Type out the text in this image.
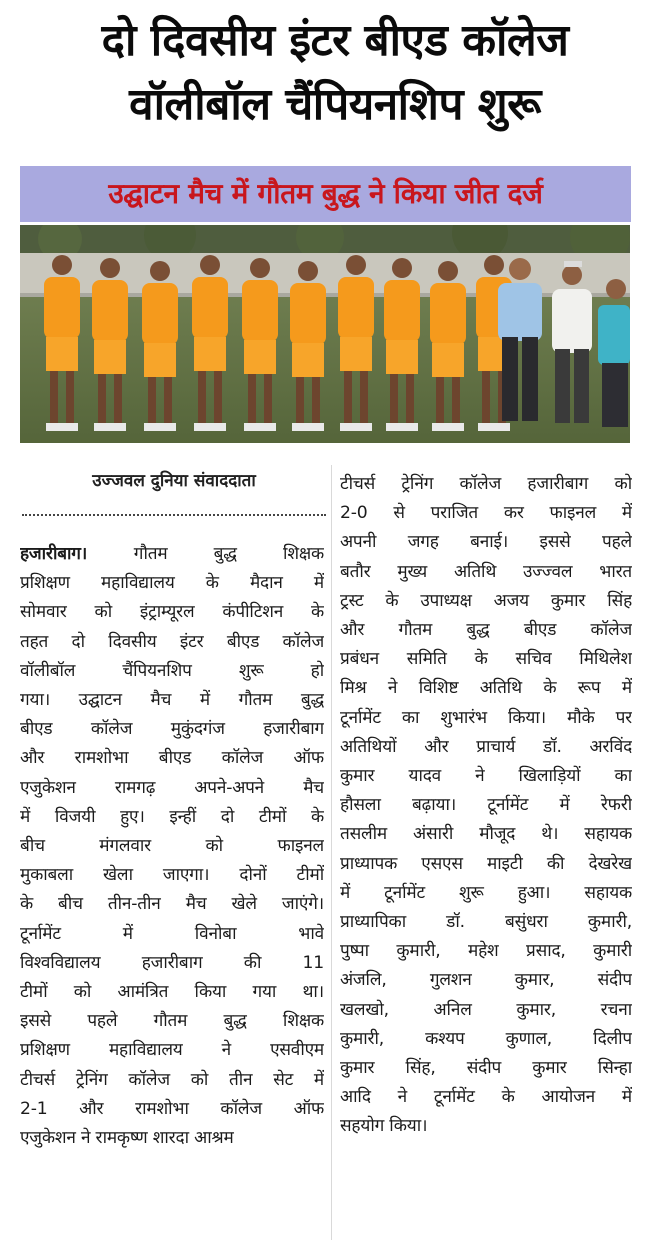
दो दिवसीय इंटर बीएड कॉलेज
वॉलीबॉल चैंपियनशिप शुरू
उद्घाटन मैच में गौतम बुद्ध ने किया जीत दर्ज
उज्जवल दुनिया संवाददाता
हजारीबाग। गौतम बुद्ध शिक्षक
प्रशिक्षण महाविद्यालय के मैदान में
सोमवार को इंट्राम्यूरल कंपीटिशन के
तहत दो दिवसीय इंटर बीएड कॉलेज
वॉलीबॉल चैंपियनशिप शुरू हो
गया। उद्घाटन मैच में गौतम बुद्ध
बीएड कॉलेज मुकुंदगंज हजारीबाग
और रामशोभा बीएड कॉलेज ऑफ
एजुकेशन रामगढ़ अपने-अपने मैच
में विजयी हुए। इन्हीं दो टीमों के
बीच मंगलवार को फाइनल
मुकाबला खेला जाएगा। दोनों टीमों
के बीच तीन-तीन मैच खेले जाएंगे।
टूर्नामेंट में विनोबा भावे
विश्वविद्यालय हजारीबाग की 11
टीमों को आमंत्रित किया गया था।
इससे पहले गौतम बुद्ध शिक्षक
प्रशिक्षण महाविद्यालय ने एसवीएम
टीचर्स ट्रेनिंग कॉलेज को तीन सेट में
2-1 और रामशोभा कॉलेज ऑफ
एजुकेशन ने रामकृष्ण शारदा आश्रम
टीचर्स ट्रेनिंग कॉलेज हजारीबाग को
2-0 से पराजित कर फाइनल में
अपनी जगह बनाई। इससे पहले
बतौर मुख्य अतिथि उज्ज्वल भारत
ट्रस्ट के उपाध्यक्ष अजय कुमार सिंह
और गौतम बुद्ध बीएड कॉलेज
प्रबंधन समिति के सचिव मिथिलेश
मिश्र ने विशिष्ट अतिथि के रूप में
टूर्नामेंट का शुभारंभ किया। मौके पर
अतिथियों और प्राचार्य डॉ. अरविंद
कुमार यादव ने खिलाड़ियों का
हौसला बढ़ाया। टूर्नामेंट में रेफरी
तसलीम अंसारी मौजूद थे। सहायक
प्राध्यापक एसएस माइटी की देखरेख
में टूर्नामेंट शुरू हुआ। सहायक
प्राध्यापिका डॉ. बसुंधरा कुमारी,
पुष्पा कुमारी, महेश प्रसाद, कुमारी
अंजलि, गुलशन कुमार, संदीप
खलखो, अनिल कुमार, रचना
कुमारी, कश्यप कुणाल, दिलीप
कुमार सिंह, संदीप कुमार सिन्हा
आदि ने टूर्नामेंट के आयोजन में
सहयोग किया।
